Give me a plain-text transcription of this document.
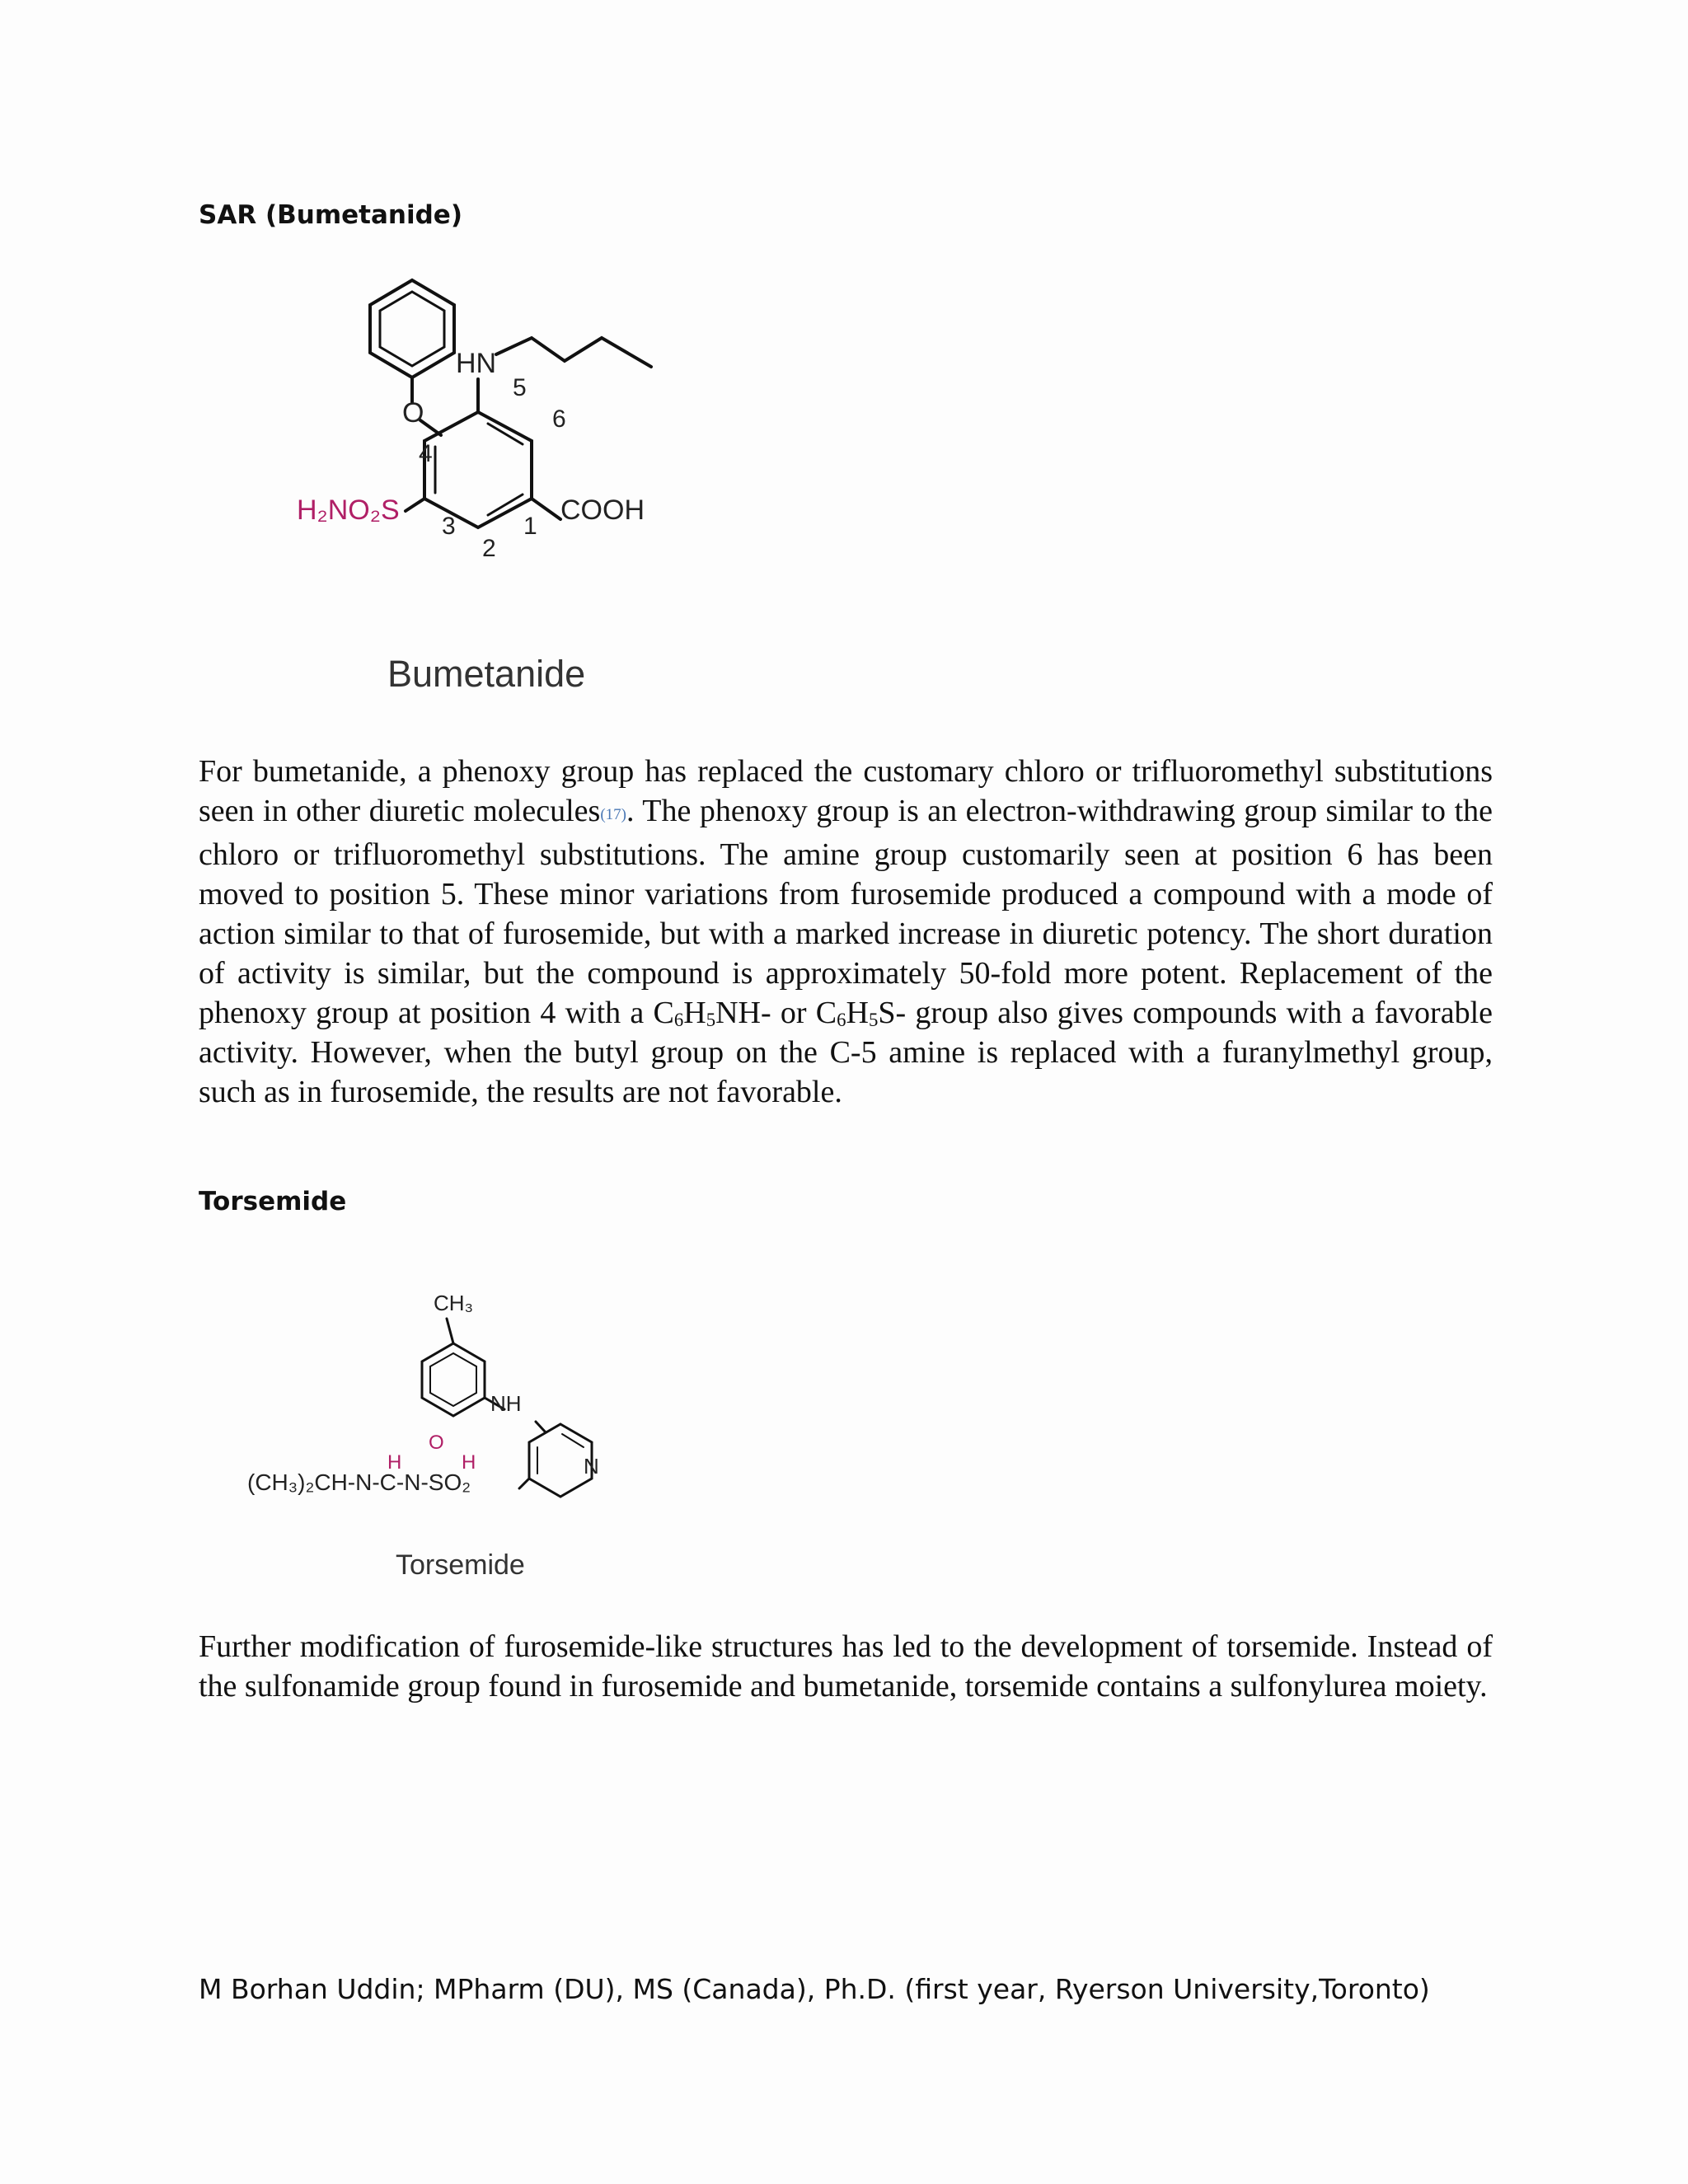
SAR (Bumetanide)
HN
O
H₂NO₂S	COOH
1
2
3
4
5
6
Bumetanide

For bumetanide, a phenoxy group has replaced the customary chloro or trifluoromethyl substitutions seen in other diuretic molecules(17). The phenoxy group is an electron-withdrawing group similar to the chloro or trifluoromethyl substitutions. The amine group customarily seen at position 6 has been moved to position 5. These minor variations from furosemide produced a compound with a mode of action similar to that of furosemide, but with a marked increase in diuretic potency. The short duration of activity is similar, but the compound is approximately 50-fold more potent. Replacement of the phenoxy group at position 4 with a $C_6H_5NH-$ or $C_6H_5S-$ group also gives compounds with a favorable activity. However, when the butyl group on the C-5 amine is replaced with a furanylmethyl group, such as in furosemide, the results are not favorable.

Torsemide
CH₃
NH
N
(CH₃)₂CH-N-C-N-SO₂
H
O
H
Torsemide

Further modification of furosemide-like structures has led to the development of torsemide. Instead of the sulfonamide group found in furosemide and bumetanide, torsemide contains a sulfonylurea moiety.

M Borhan Uddin; MPharm (DU), MS (Canada), Ph.D. (first year, Ryerson University,Toronto)
